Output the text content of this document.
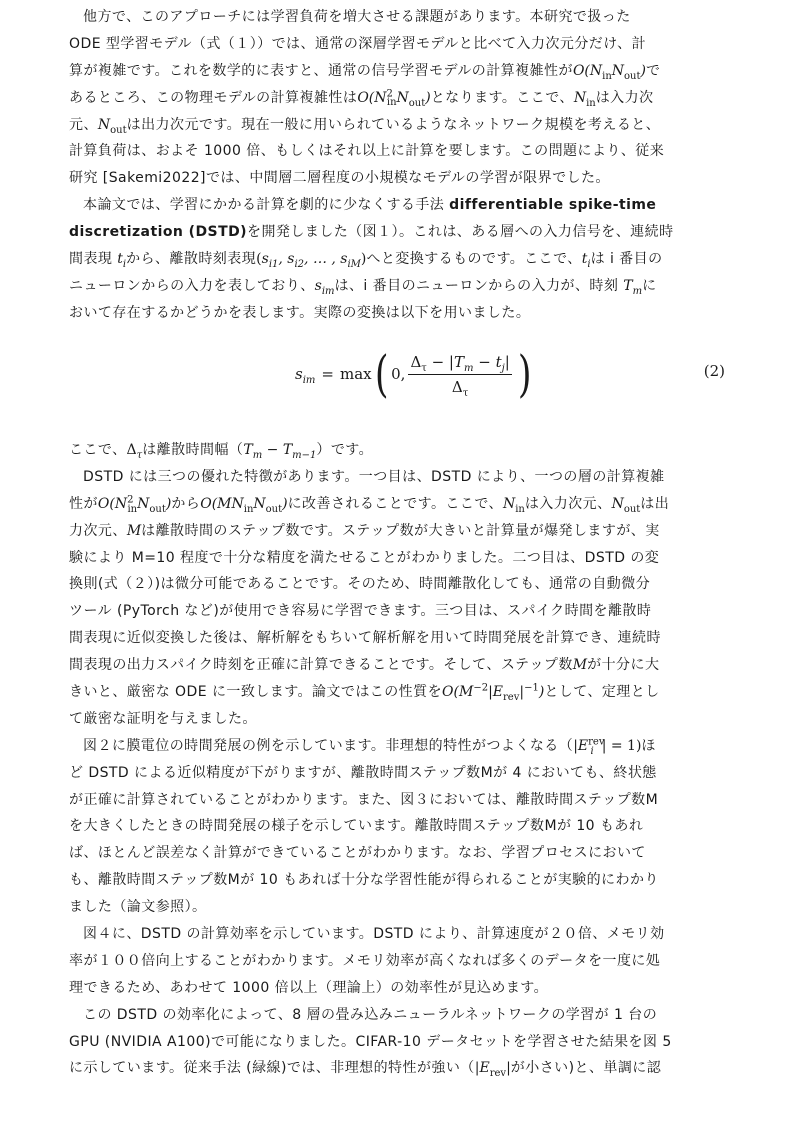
他方で、このアプローチには学習負荷を増大させる課題があります。本研究で扱った
ODE 型学習モデル（式（１））では、通常の深層学習モデルと比べて入力次元分だけ、計
算が複雑です。これを数学的に表すと、通常の信号学習モデルの計算複雑性が$O(N_{in}N_{out})$で
あるところ、この物理モデルの計算複雑性は$O(N^2_{in}N_{out})$となります。ここで、$N_{in}$は入力次
元、$N_{out}$は出力次元です。現在一般に用いられているようなネットワーク規模を考えると、
計算負荷は、およそ 1000 倍、もしくはそれ以上に計算を要します。この問題により、従来
研究 [Sakemi2022]では、中間層二層程度の小規模なモデルの学習が限界でした。
本論文では、学習にかかる計算を劇的に少なくする手法 differentiable spike-time
discretization (DSTD)を開発しました（図１）。これは、ある層への入力信号を、連続時
間表現 $t_i$から、離散時刻表現($s_{i1}$, $s_{i2}$, … , $s_{iM}$)へと変換するものです。ここで、$t_i$は i 番目の
ニューロンからの入力を表しており、$s_{im}$は、i 番目のニューロンからの入力が、時刻 $T_m$に
おいて存在するかどうかを表します。実際の変換は以下を用いました。
$s_{im} = \max$ ( 0, $\frac{\Delta_\tau - |T_m - t_j|}{\Delta_\tau}$ )	(2)
ここで、$\Delta_\tau$は離散時間幅$(T_m - T_{m-1})$です。
DSTD には三つの優れた特徴があります。一つ目は、DSTD により、一つの層の計算複雑
性が$O(N^2_{in}N_{out})$から$O(MN_{in}N_{out})$に改善されることです。ここで、$N_{in}$は入力次元、$N_{out}$は出
力次元、Mは離散時間のステップ数です。ステップ数が大きいと計算量が爆発しますが、実
験により M=10 程度で十分な精度を満たせることがわかりました。二つ目は、DSTD の変
換則(式（２）)は微分可能であることです。そのため、時間離散化しても、通常の自動微分
ツール (PyTorch など)が使用でき容易に学習できます。三つ目は、スパイク時間を離散時
間表現に近似変換した後は、解析解をもちいて解析解を用いて時間発展を計算でき、連続時
間表現の出力スパイク時刻を正確に計算できることです。そして、ステップ数Mが十分に大
きいと、厳密な ODE に一致します。論文ではこの性質を$O(M^{-2}|E_{rev}|^{-1})$として、定理とし
て厳密な証明を与えました。
図２に膜電位の時間発展の例を示しています。非理想的特性がつよくなる（$|E^{rev}_i$ | = 1)ほ
ど DSTD による近似精度が下がりますが、離散時間ステップ数Mが 4 においても、終状態
が正確に計算されていることがわかります。また、図３においては、離散時間ステップ数M
を大きくしたときの時間発展の様子を示しています。離散時間ステップ数Mが 10 もあれ
ば、ほとんど誤差なく計算ができていることがわかります。なお、学習プロセスにおいて
も、離散時間ステップ数Mが 10 もあれば十分な学習性能が得られることが実験的にわかり
ました（論文参照）。
図４に、DSTD の計算効率を示しています。DSTD により、計算速度が２０倍、メモリ効
率が１００倍向上することがわかります。メモリ効率が高くなれば多くのデータを一度に処
理できるため、あわせて 1000 倍以上（理論上）の効率性が見込めます。
この DSTD の効率化によって、8 層の畳み込みニューラルネットワークの学習が 1 台の
GPU (NVIDIA A100)で可能になりました。CIFAR-10 データセットを学習させた結果を図 5
に示しています。従来手法 (緑線)では、非理想的特性が強い（$|E_{rev}|$が小さい)と、単調に認
